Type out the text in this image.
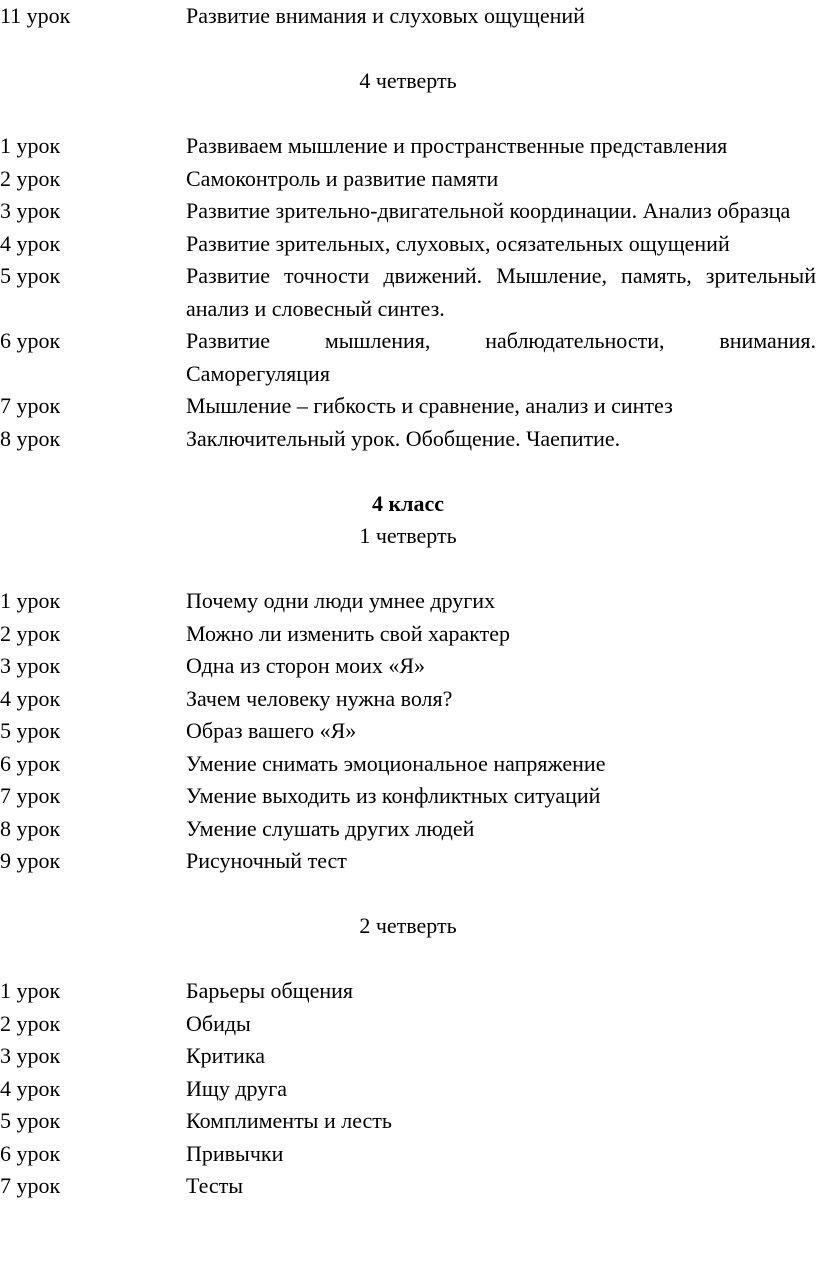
11 урок	Развитие внимания и слуховых ощущений
4 четверть
1 урок	Развиваем мышление и пространственные представления
2 урок	Самоконтроль и развитие памяти
3 урок	Развитие зрительно-двигательной координации. Анализ образца
4 урок	Развитие зрительных, слуховых, осязательных ощущений
5 урок	Развитие точности движений. Мышление, память, зрительный анализ и словесный синтез.
6 урок	Развитие мышления, наблюдательности, внимания. Саморегуляция
7 урок	Мышление – гибкость и сравнение, анализ и синтез
8 урок	Заключительный урок. Обобщение. Чаепитие.
4 класс
1 четверть
1 урок	Почему одни люди умнее других
2 урок	Можно ли изменить свой характер
3 урок	Одна из сторон моих «Я»
4 урок	Зачем человеку нужна воля?
5 урок	Образ вашего «Я»
6 урок	Умение снимать эмоциональное напряжение
7 урок	Умение выходить из конфликтных ситуаций
8 урок	Умение слушать других людей
9 урок	Рисуночный тест
2 четверть
1 урок	Барьеры общения
2 урок	Обиды
3 урок	Критика
4 урок	Ищу друга
5 урок	Комплименты и лесть
6 урок	Привычки
7 урок	Тесты
